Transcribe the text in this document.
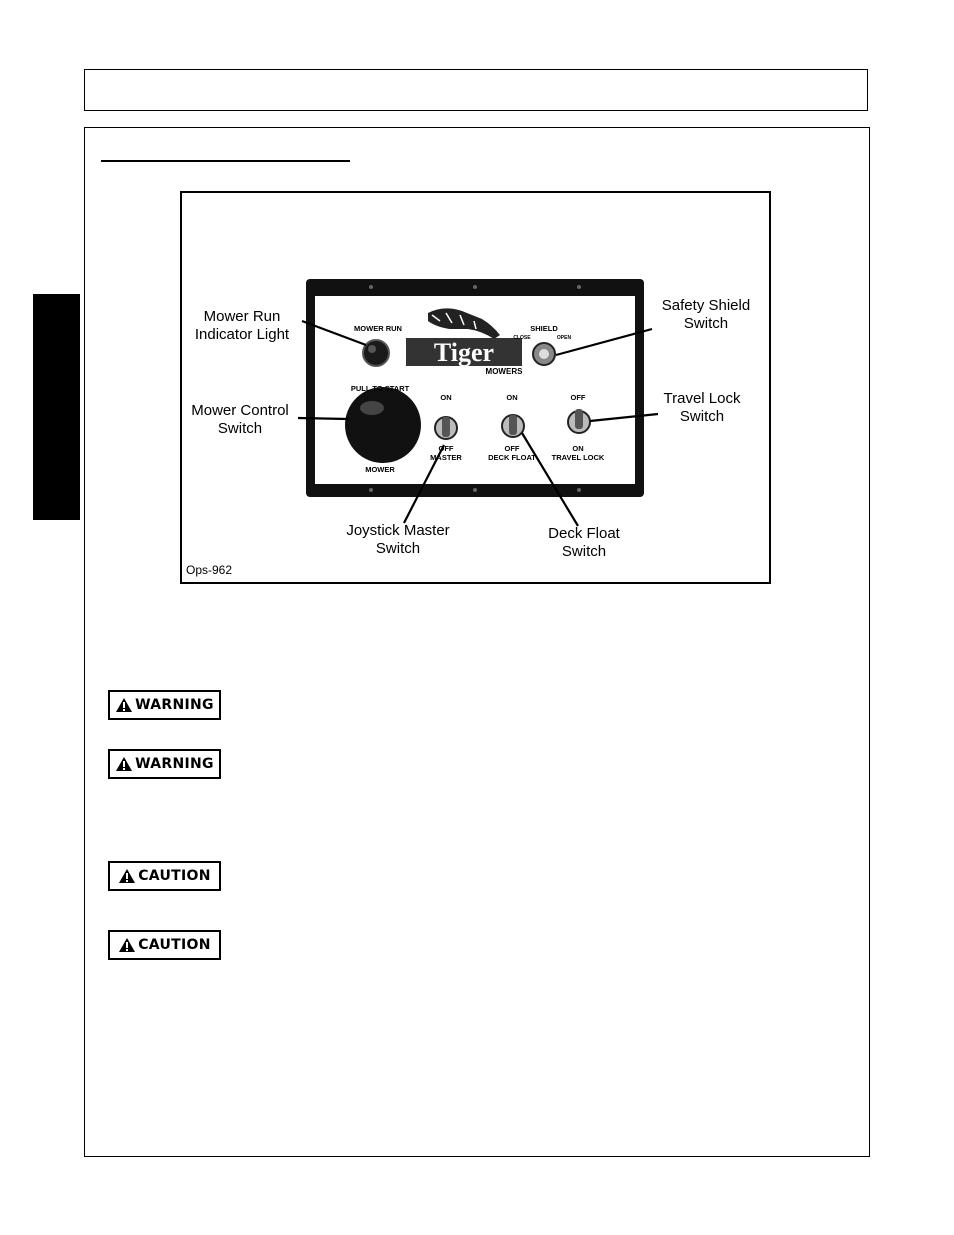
Tiger
MOWERS
MOWER RUN	SHIELD
CLOSE	OPEN
PULL TO START
MOWER
ON
OFF
MASTER
ON
OFF
DECK FLOAT
OFF
ON
TRAVEL LOCK
Mower Run
Indicator Light
Safety Shield
Switch
Mower Control
Switch
Travel Lock
Switch
Joystick Master
Switch
Deck Float
Switch
Ops-962
WARNING
WARNING
CAUTION
CAUTION
